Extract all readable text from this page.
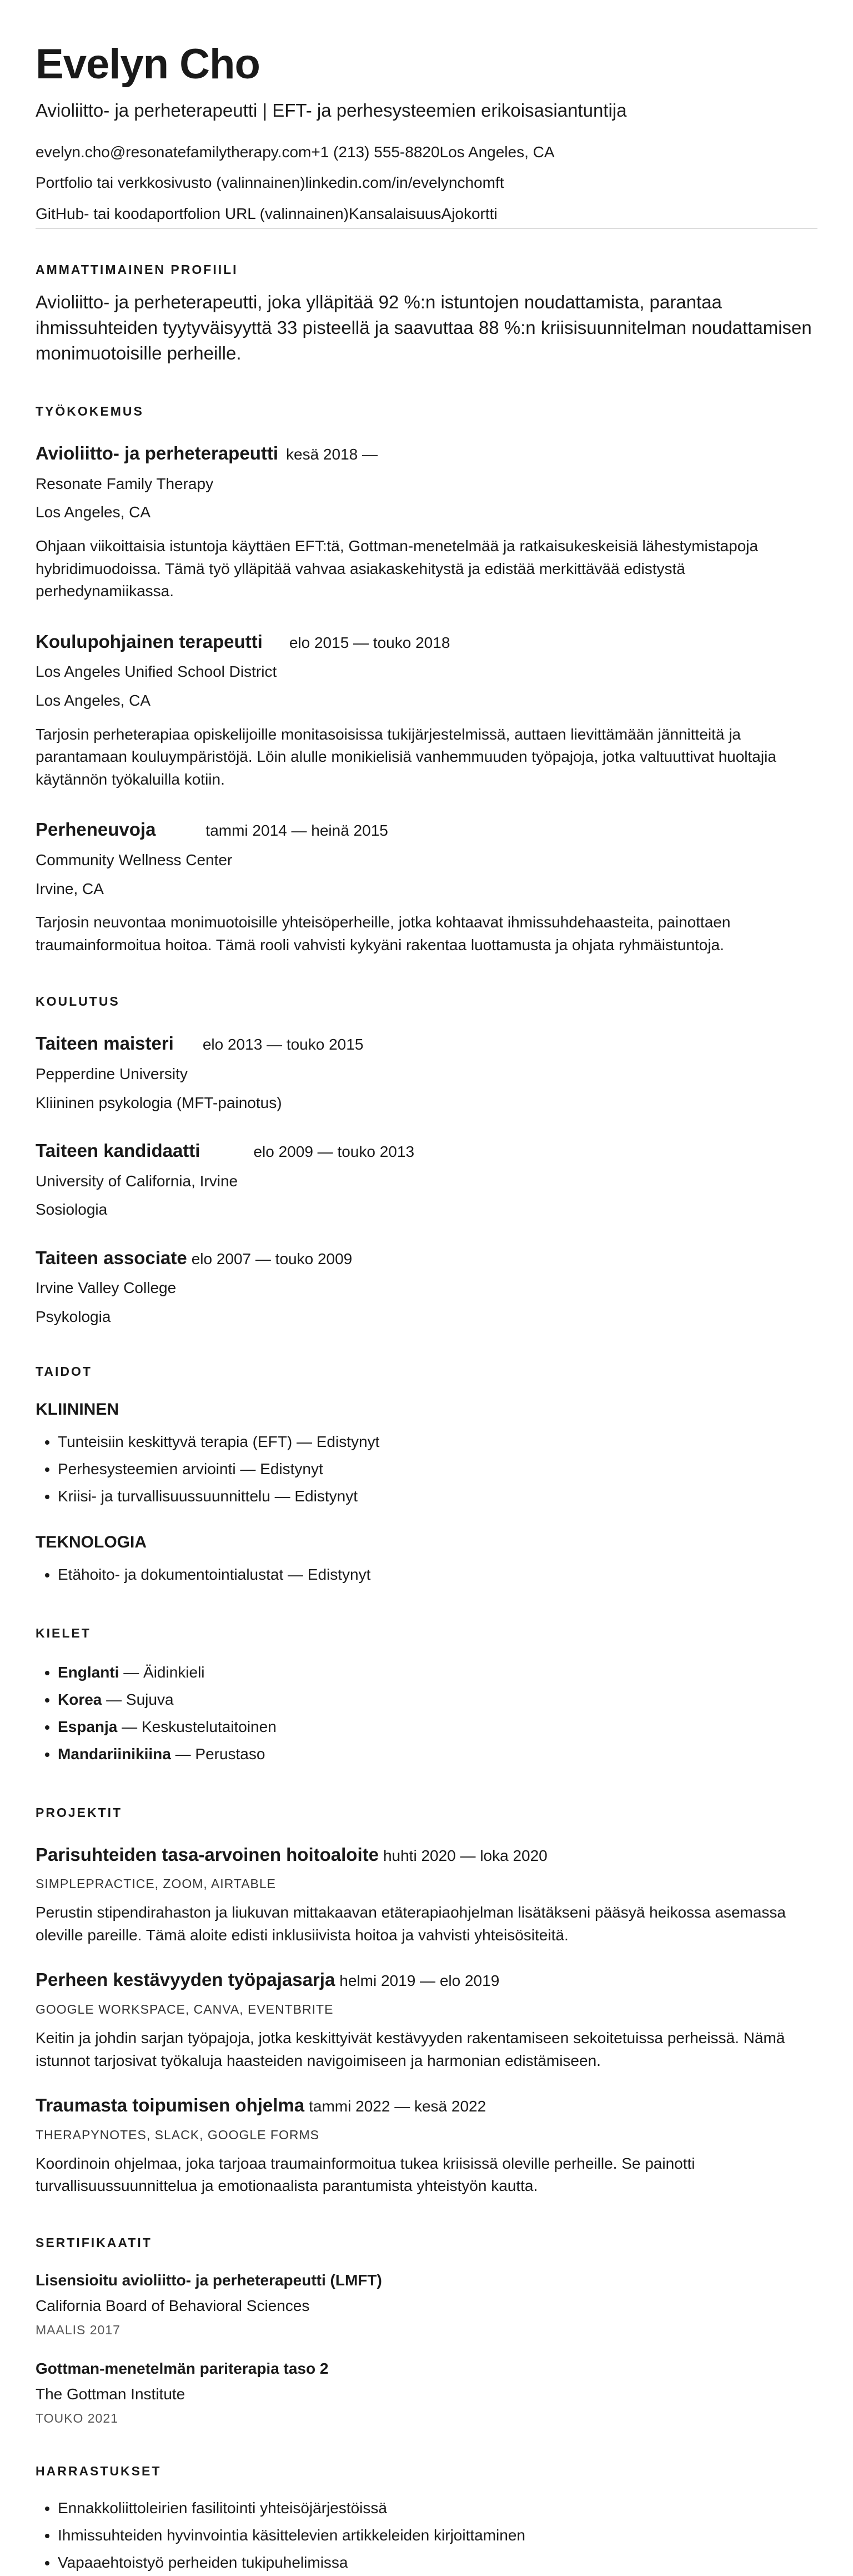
Evelyn Cho

Avioliitto- ja perheterapeutti | EFT- ja perhesysteemien erikoisasiantuntija

evelyn.cho@resonatefamilytherapy.com+1 (213) 555-8820Los Angeles, CA
Portfolio tai verkkosivusto (valinnainen)linkedin.com/in/evelynchomft
GitHub- tai koodaportfolion URL (valinnainen)KansalaisuusAjokortti
AMMATTIMAINEN PROFIILI

Avioliitto- ja perheterapeutti, joka ylläpitää 92 %:n istuntojen noudattamista, parantaa ihmissuhteiden tyytyväisyyttä 33 pisteellä ja saavuttaa 88 %:n kriisisuunnitelman noudattamisen monimuotoisille perheille.

TYÖKOKEMUS
Avioliitto- ja perheterapeutti kesä 2018 —
Resonate Family Therapy
Los Angeles, CA
Ohjaan viikoittaisia istuntoja käyttäen EFT:tä, Gottman-menetelmää ja ratkaisukeskeisiä lähestymistapoja hybridimuodoissa. Tämä työ ylläpitää vahvaa asiakaskehitystä ja edistää merkittävää edistystä perhedynamiikassa.
Koulupohjainen terapeutti elo 2015 — touko 2018
Los Angeles Unified School District
Los Angeles, CA
Tarjosin perheterapiaa opiskelijoille monitasoisissa tukijärjestelmissä, auttaen lievittämään jännitteitä ja parantamaan kouluympäristöjä. Löin alulle monikielisiä vanhemmuuden työpajoja, jotka valtuuttivat huoltajia käytännön työkaluilla kotiin.
Perheneuvoja	tammi 2014 — heinä 2015
Community Wellness Center
Irvine, CA
Tarjosin neuvontaa monimuotoisille yhteisöperheille, jotka kohtaavat ihmissuhdehaasteita, painottaen traumainformoitua hoitoa. Tämä rooli vahvisti kykyäni rakentaa luottamusta ja ohjata ryhmäistuntoja.
KOULUTUS
Taiteen maisteri elo 2013 — touko 2015
Pepperdine University
Kliininen psykologia (MFT-painotus)
Taiteen kandidaatti	elo 2009 — touko 2013
University of California, Irvine
Sosiologia
Taiteen associate elo 2007 — touko 2009
Irvine Valley College
Psykologia
TAIDOT
KLIININEN
• Tunteisiin keskittyvä terapia (EFT) — Edistynyt
• Perhesysteemien arviointi — Edistynyt
• Kriisi- ja turvallisuussuunnittelu — Edistynyt
TEKNOLOGIA
• Etähoito- ja dokumentointialustat — Edistynyt
KIELET
• Englanti — Äidinkieli
• Korea — Sujuva
• Espanja — Keskustelutaitoinen
• Mandariinikiina — Perustaso
PROJEKTIT
Parisuhteiden tasa-arvoinen hoitoaloite huhti 2020 — loka 2020
SIMPLEPRACTICE, ZOOM, AIRTABLE
Perustin stipendirahaston ja liukuvan mittakaavan etäterapiaohjelman lisätäkseni pääsyä heikossa asemassa oleville pareille. Tämä aloite edisti inklusiivista hoitoa ja vahvisti yhteisösiteitä.
Perheen kestävyyden työpajasarja helmi 2019 — elo 2019
GOOGLE WORKSPACE, CANVA, EVENTBRITE
Keitin ja johdin sarjan työpajoja, jotka keskittyivät kestävyyden rakentamiseen sekoitetuissa perheissä. Nämä istunnot tarjosivat työkaluja haasteiden navigoimiseen ja harmonian edistämiseen.
Traumasta toipumisen ohjelma tammi 2022 — kesä 2022
THERAPYNOTES, SLACK, GOOGLE FORMS
Koordinoin ohjelmaa, joka tarjoaa traumainformoitua tukea kriisissä oleville perheille. Se painotti turvallisuussuunnittelua ja emotionaalista parantumista yhteistyön kautta.
SERTIFIKAATIT
Lisensioitu avioliitto- ja perheterapeutti (LMFT)
California Board of Behavioral Sciences
MAALIS 2017
Gottman-menetelmän pariterapia taso 2
The Gottman Institute
TOUKO 2021
HARRASTUKSET
• Ennakkoliittoleirien fasilitointi yhteisöjärjestöissä
• Ihmissuhteiden hyvinvointia käsittelevien artikkeleiden kirjoittaminen
• Vapaaehtoistyö perheiden tukipuhelimissa
